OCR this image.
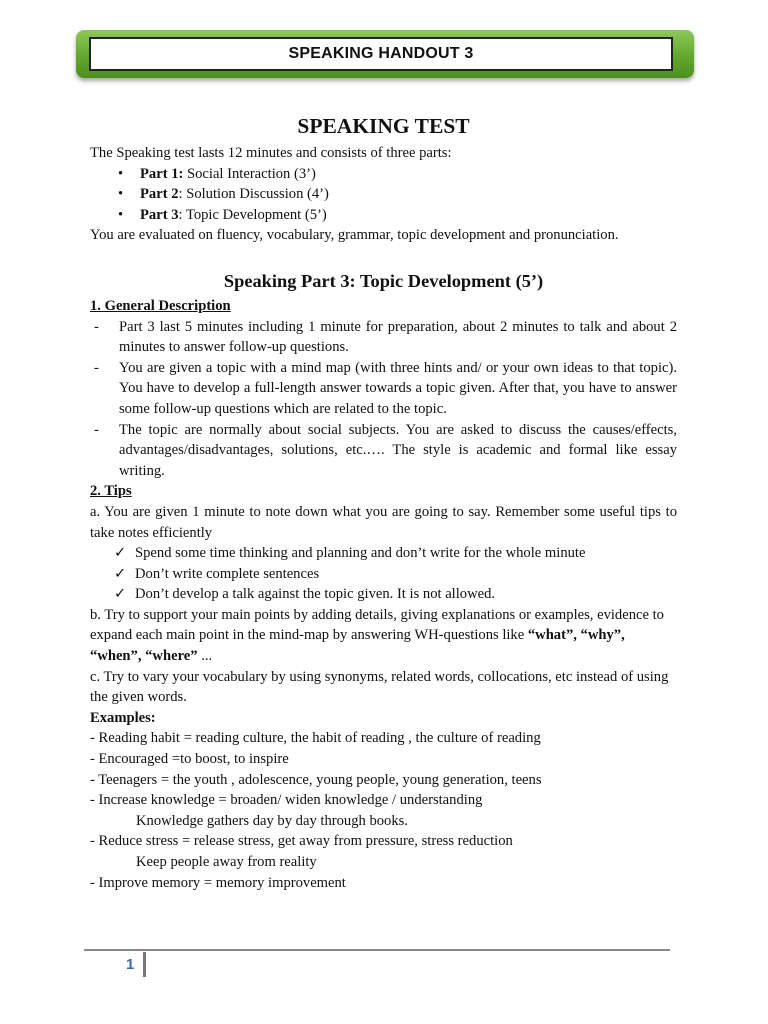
SPEAKING HANDOUT 3
SPEAKING TEST

The Speaking test lasts 12 minutes and consists of three parts:

• Part 1: Social Interaction (3’)
• Part 2: Solution Discussion (4’)
• Part 3: Topic Development (5’)

You are evaluated on fluency, vocabulary, grammar, topic development and pronunciation.

Speaking Part 3: Topic Development (5’)

1. General Description

- Part 3 last 5 minutes including 1 minute for preparation, about 2 minutes to talk and about 2 minutes to answer follow-up questions.
- You are given a topic with a mind map (with three hints and/ or your own ideas to that topic). You have to develop a full-length answer towards a topic given. After that, you have to answer some follow-up questions which are related to the topic.
- The topic are normally about social subjects. You are asked to discuss the causes/effects, advantages/disadvantages, solutions, etc.…. The style is academic and formal like essay writing.

2. Tips

a. You are given 1 minute to note down what you are going to say. Remember some useful tips to take notes efficiently

✓ Spend some time thinking and planning and don’t write for the whole minute
✓ Don’t write complete sentences
✓ Don’t develop a talk against the topic given. It is not allowed.

b. Try to support your main points by adding details, giving explanations or examples, evidence to expand each main point in the mind-map by answering WH-questions like “what”, “why”, “when”, “where” ...

c. Try to vary your vocabulary by using synonyms, related words, collocations, etc instead of using the given words.

Examples:

- Reading habit = reading culture, the habit of reading , the culture of reading

- Encouraged =to boost, to inspire

- Teenagers = the youth , adolescence, young people, young generation, teens

- Increase knowledge = broaden/ widen knowledge / understanding

Knowledge gathers day by day through books.

- Reduce stress = release stress, get away from pressure, stress reduction

Keep people away from reality

- Improve memory = memory improvement

1
